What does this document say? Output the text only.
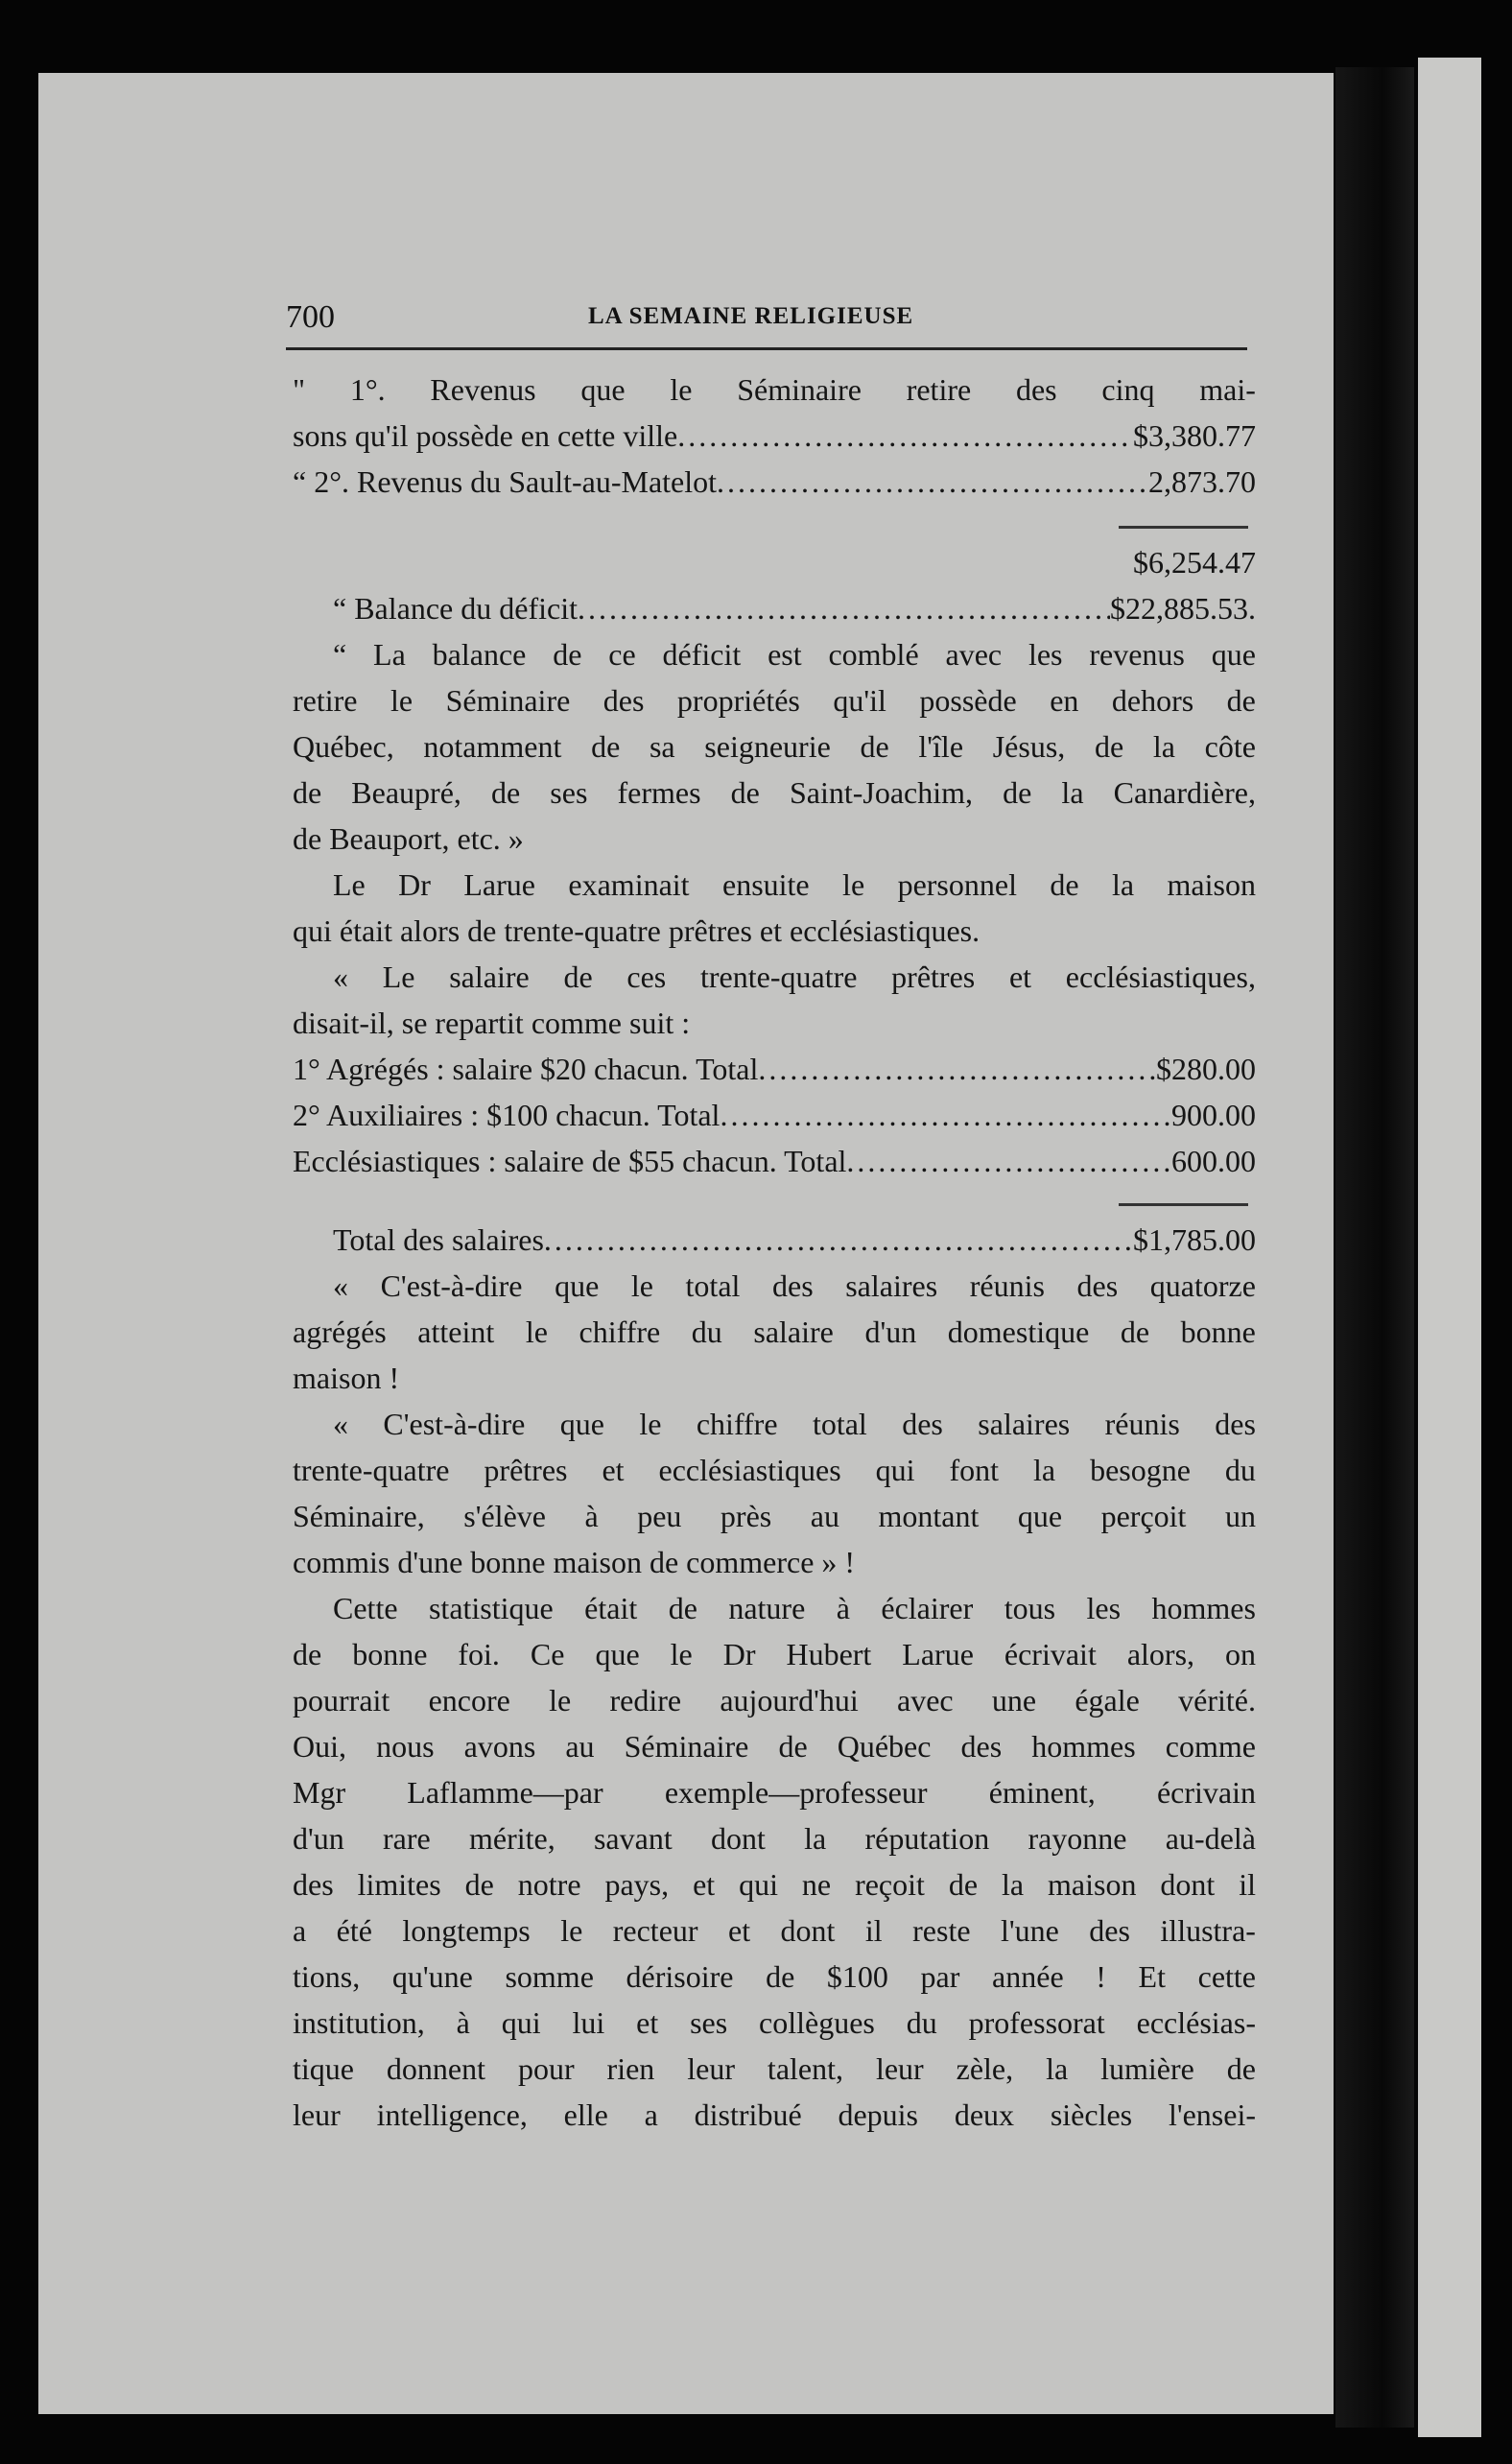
700	LA SEMAINE RELIGIEUSE
" 1°. Revenus que le Séminaire retire des cinq mai-
sons qu'il possède en cette ville .....	$3,380.77
“ 2°. Revenus du Sault-au-Matelot .....	2,873.70
$6,254.47
“ Balance du déficit .....	$22,885.53.
“ La balance de ce déficit est comblé avec les revenus que
retire le Séminaire des propriétés qu'il possède en dehors de
Québec, notamment de sa seigneurie de l'île Jésus, de la côte
de Beaupré, de ses fermes de Saint-Joachim, de la Canardière,
de Beauport, etc. »
Le Dr Larue examinait ensuite le personnel de la maison
qui était alors de trente-quatre prêtres et ecclésiastiques.
« Le salaire de ces trente-quatre prêtres et ecclésiastiques,
disait-il, se repartit comme suit :
1° Agrégés : salaire $20 chacun. Total .....	$280.00
2° Auxiliaires : $100 chacun. Total .....	900.00
Ecclésiastiques : salaire de $55 chacun. Total .....	600.00
Total des salaires .....	$1,785.00
« C'est-à-dire que le total des salaires réunis des quatorze
agrégés atteint le chiffre du salaire d'un domestique de bonne
maison !
« C'est-à-dire que le chiffre total des salaires réunis des
trente-quatre prêtres et ecclésiastiques qui font la besogne du
Séminaire, s'élève à peu près au montant que perçoit un
commis d'une bonne maison de commerce » !
Cette statistique était de nature à éclairer tous les hommes
de bonne foi. Ce que le Dr Hubert Larue écrivait alors, on
pourrait encore le redire aujourd'hui avec une égale vérité.
Oui, nous avons au Séminaire de Québec des hommes comme
Mgr Laflamme—par exemple—professeur éminent, écrivain
d'un rare mérite, savant dont la réputation rayonne au-delà
des limites de notre pays, et qui ne reçoit de la maison dont il
a été longtemps le recteur et dont il reste l'une des illustra-
tions, qu'une somme dérisoire de $100 par année ! Et cette
institution, à qui lui et ses collègues du professorat ecclésias-
tique donnent pour rien leur talent, leur zèle, la lumière de
leur intelligence, elle a distribué depuis deux siècles l'ensei-
